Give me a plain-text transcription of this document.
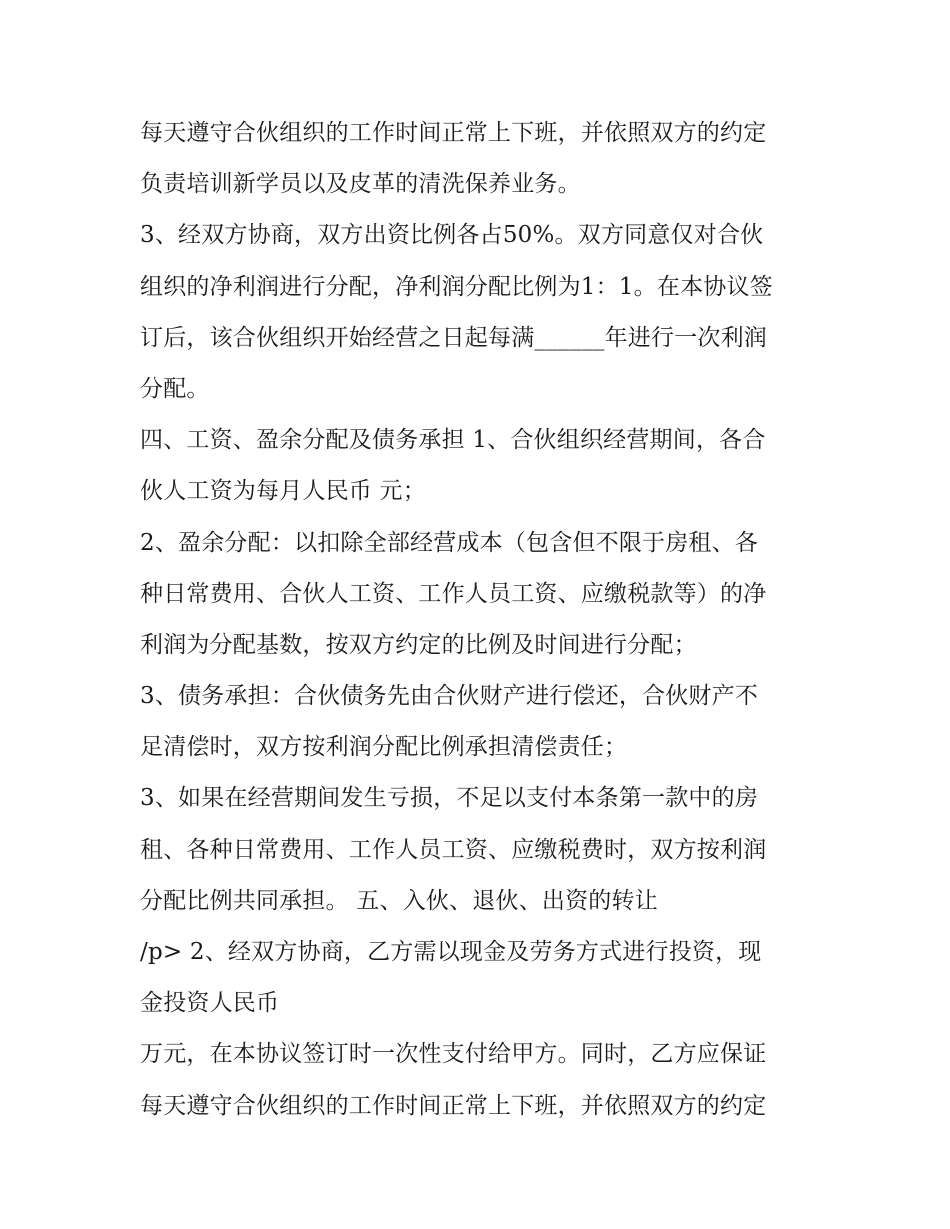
每天遵守合伙组织的工作时间正常上下班，并依照双方的约定
负责培训新学员以及皮革的清洗保养业务。
3、经双方协商，双方出资比例各占50%。双方同意仅对合伙
组织的净利润进行分配，净利润分配比例为1：1。在本协议签
订后，该合伙组织开始经营之日起每满______年进行一次利润
分配。
四、工资、盈余分配及债务承担 1、合伙组织经营期间，各合
伙人工资为每月人民币 元；
2、盈余分配：以扣除全部经营成本（包含但不限于房租、各
种日常费用、合伙人工资、工作人员工资、应缴税款等）的净
利润为分配基数，按双方约定的比例及时间进行分配；
3、债务承担：合伙债务先由合伙财产进行偿还，合伙财产不
足清偿时，双方按利润分配比例承担清偿责任；
3、如果在经营期间发生亏损，不足以支付本条第一款中的房
租、各种日常费用、工作人员工资、应缴税费时，双方按利润
分配比例共同承担。 五、入伙、退伙、出资的转让
/p> 2、经双方协商，乙方需以现金及劳务方式进行投资，现
金投资人民币
万元，在本协议签订时一次性支付给甲方。同时，乙方应保证
每天遵守合伙组织的工作时间正常上下班，并依照双方的约定
